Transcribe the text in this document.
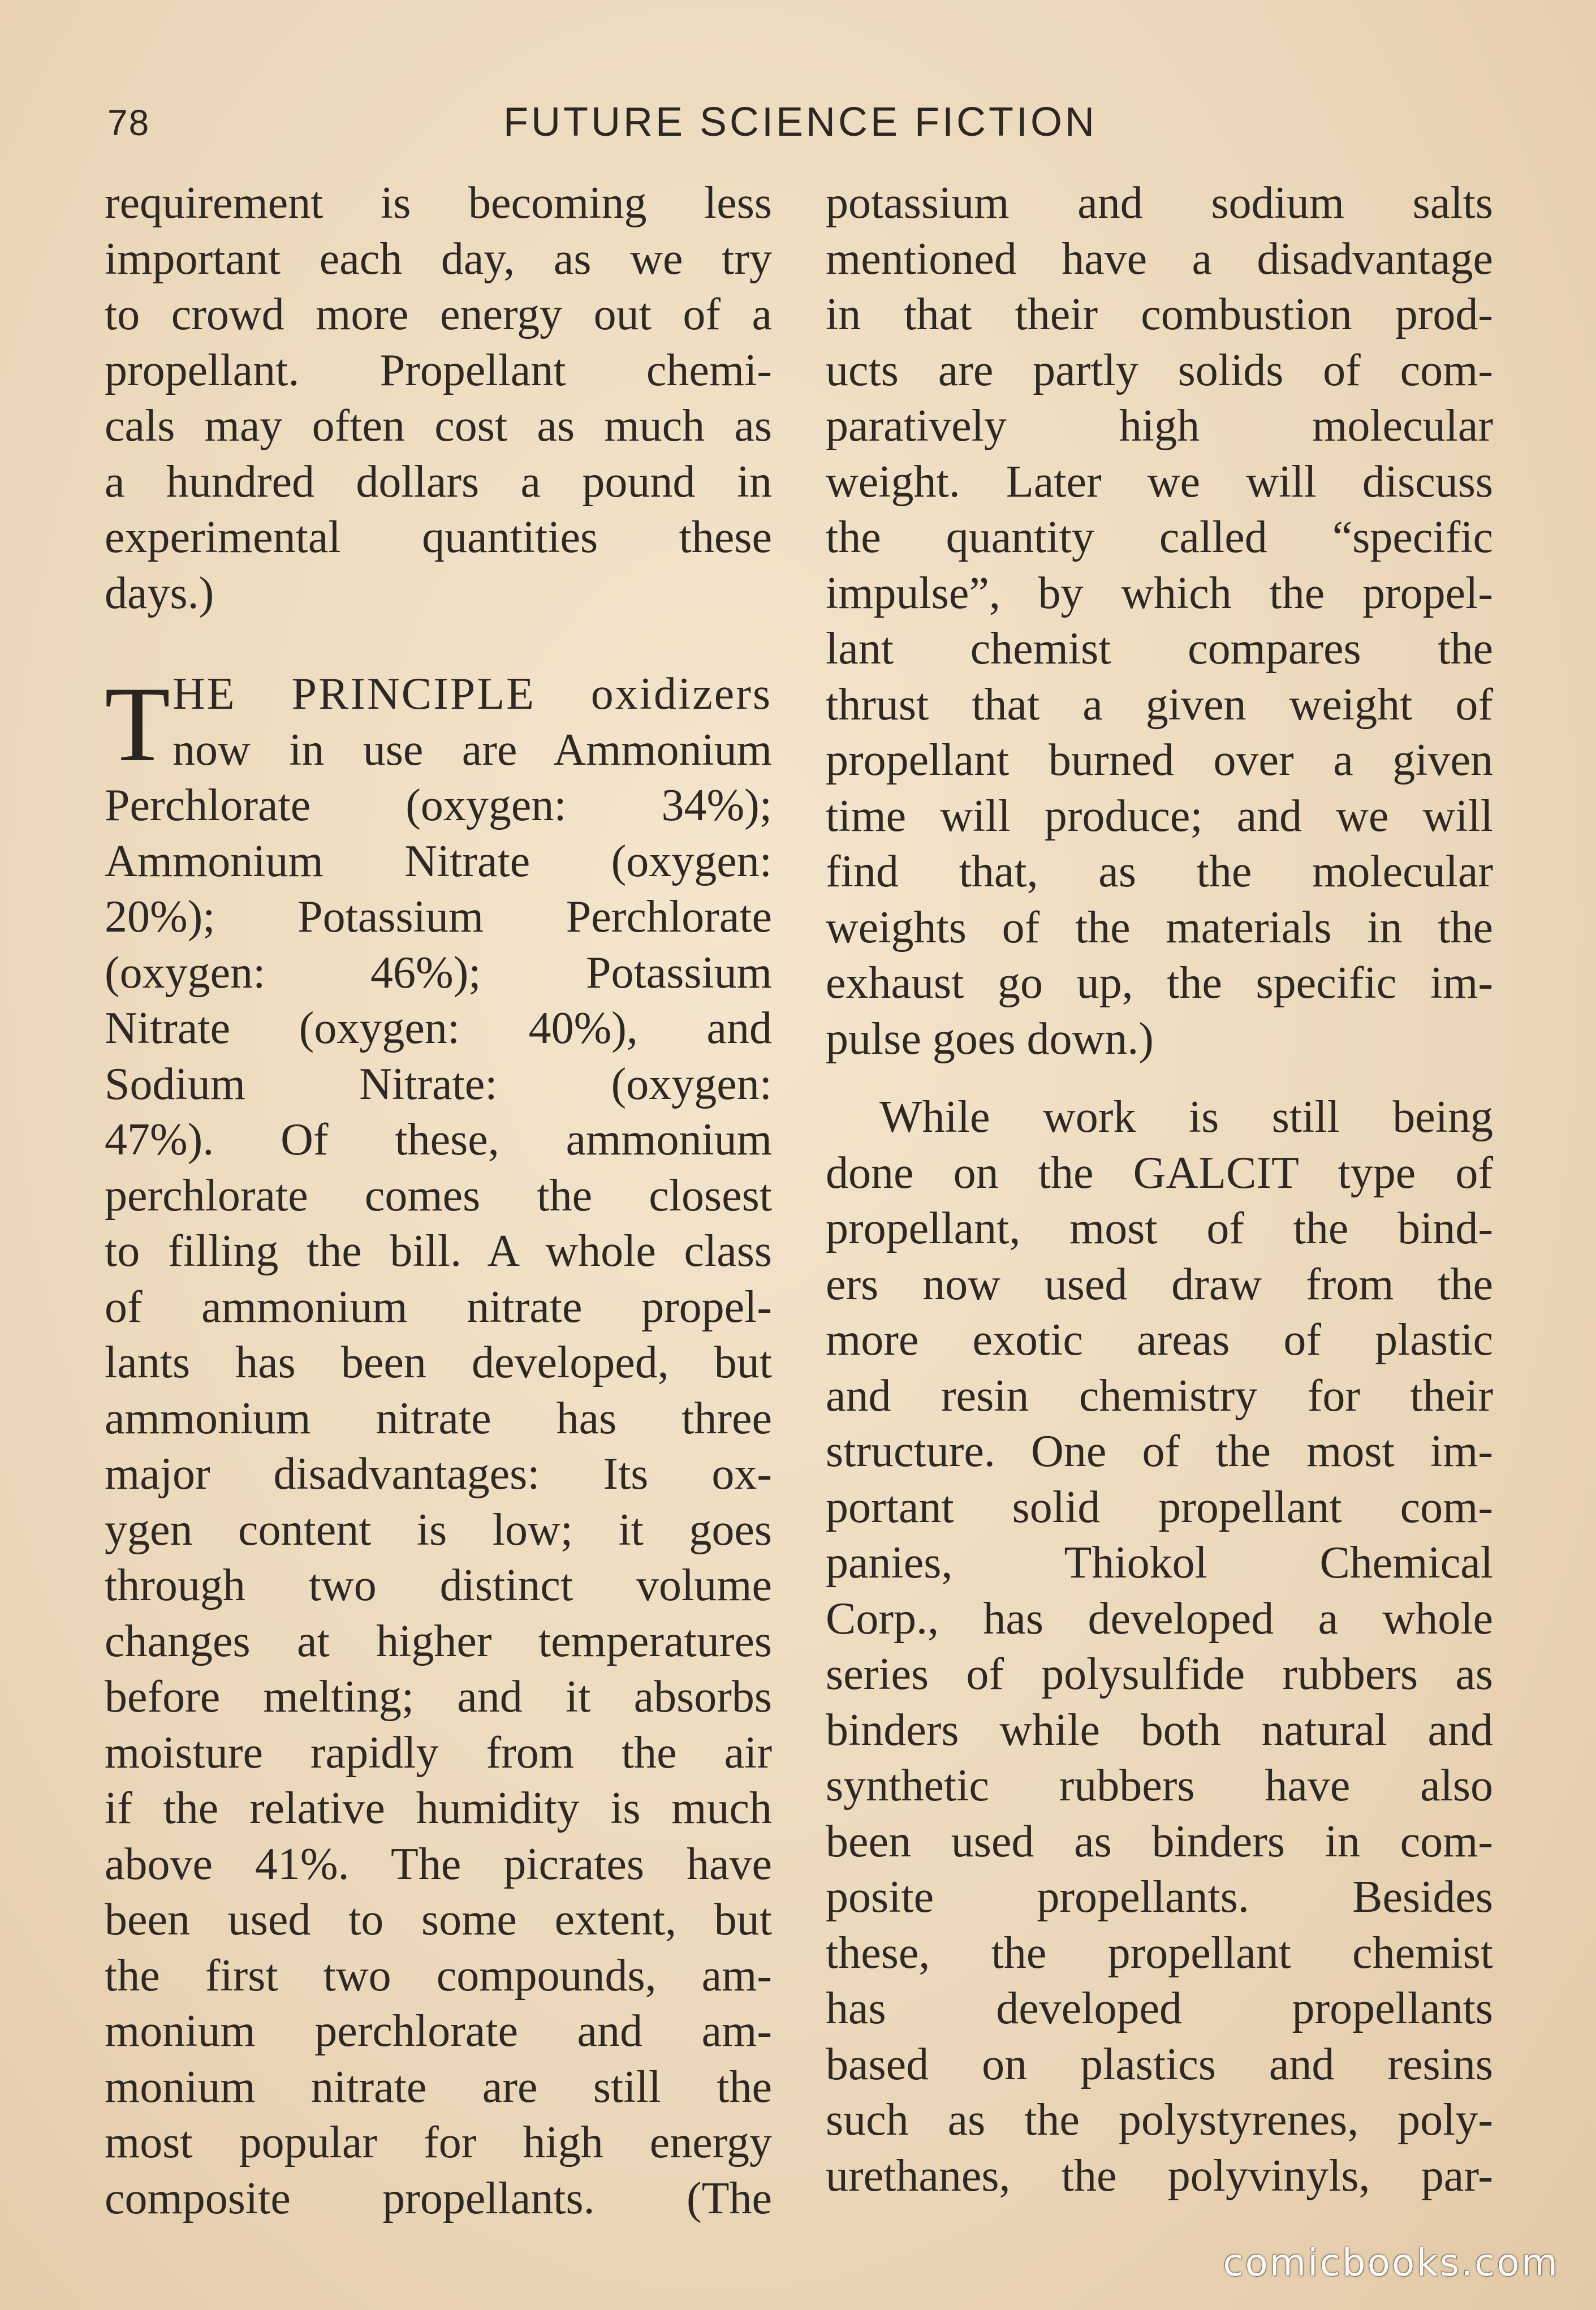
78	FUTURE SCIENCE FICTION
requirement is becoming less
important each day, as we try
to crowd more energy out of a
propellant. Propellant chemi-
cals may often cost as much as
a hundred dollars a pound in
experimental quantities these
days.)
T HE PRINCIPLE oxidizers
now in use are Ammonium
Perchlorate (oxygen: 34%);
Ammonium Nitrate (oxygen:
20%); Potassium Perchlorate
(oxygen: 46%); Potassium
Nitrate (oxygen: 40%), and
Sodium Nitrate: (oxygen:
47%). Of these, ammonium
perchlorate comes the closest
to filling the bill. A whole class
of ammonium nitrate propel-
lants has been developed, but
ammonium nitrate has three
major disadvantages: Its ox-
ygen content is low; it goes
through two distinct volume
changes at higher temperatures
before melting; and it absorbs
moisture rapidly from the air
if the relative humidity is much
above 41%. The picrates have
been used to some extent, but
the first two compounds, am-
monium perchlorate and am-
monium nitrate are still the
most popular for high energy
composite propellants. (The
potassium and sodium salts
mentioned have a disadvantage
in that their combustion prod-
ucts are partly solids of com-
paratively high molecular
weight. Later we will discuss
the quantity called “specific
impulse”, by which the propel-
lant chemist compares the
thrust that a given weight of
propellant burned over a given
time will produce; and we will
find that, as the molecular
weights of the materials in the
exhaust go up, the specific im-
pulse goes down.)
While work is still being
done on the GALCIT type of
propellant, most of the bind-
ers now used draw from the
more exotic areas of plastic
and resin chemistry for their
structure. One of the most im-
portant solid propellant com-
panies, Thiokol Chemical
Corp., has developed a whole
series of polysulfide rubbers as
binders while both natural and
synthetic rubbers have also
been used as binders in com-
posite propellants. Besides
these, the propellant chemist
has developed propellants
based on plastics and resins
such as the polystyrenes, poly-
urethanes, the polyvinyls, par-
comicbooks.com
